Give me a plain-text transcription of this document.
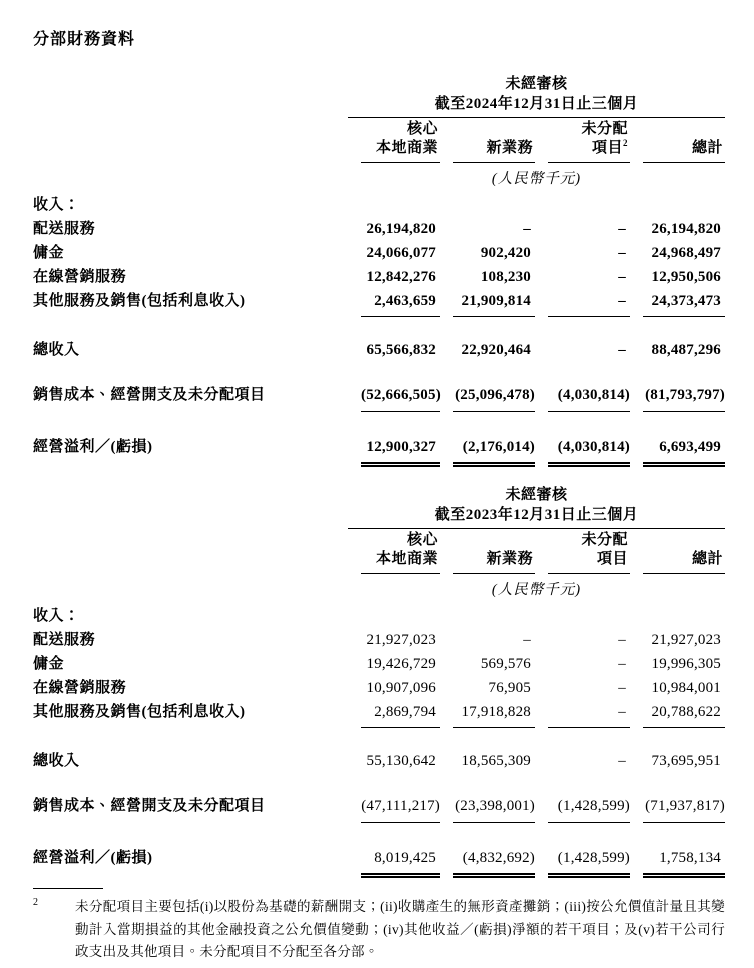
分部財務資料
未經審核
截至2024年12月31日止三個月
核心
本地商業	新業務
未分配
項目$^2$	總計
(人民幣千元)
收入：
配送服務	26,194,820	–	–	26,194,820
傭金	24,066,077	902,420	–	24,968,497
在線營銷服務	12,842,276	108,230	–	12,950,506
其他服務及銷售(包括利息收入)	2,463,659	21,909,814	–	24,373,473
總收入	65,566,832	22,920,464	–	88,487,296
銷售成本、經營開支及未分配項目	(52,666,505) (25,096,478)	(4,030,814) (81,793,797)
經營溢利／(虧損)	12,900,327	(2,176,014)	(4,030,814)	6,693,499
未經審核
截至2023年12月31日止三個月
核心
本地商業	新業務
未分配
項目	總計
(人民幣千元)
收入：
配送服務	21,927,023	–	–	21,927,023
傭金	19,426,729	569,576	–	19,996,305
在線營銷服務	10,907,096	76,905	–	10,984,001
其他服務及銷售(包括利息收入)	2,869,794	17,918,828	–	20,788,622
總收入	55,130,642	18,565,309	–	73,695,951
銷售成本、經營開支及未分配項目	(47,111,217) (23,398,001)	(1,428,599) (71,937,817)
經營溢利／(虧損)	8,019,425	(4,832,692)	(1,428,599)	1,758,134
2	未分配項目主要包括(i)以股份為基礎的薪酬開支；(ii)收購產生的無形資產攤銷；(iii)按公允價值計量且其變動計入當期損益的其他金融投資之公允價值變動；(iv)其他收益／(虧損)淨額的若干項目；及(v)若干公司行政支出及其他項目。未分配項目不分配至各分部。
